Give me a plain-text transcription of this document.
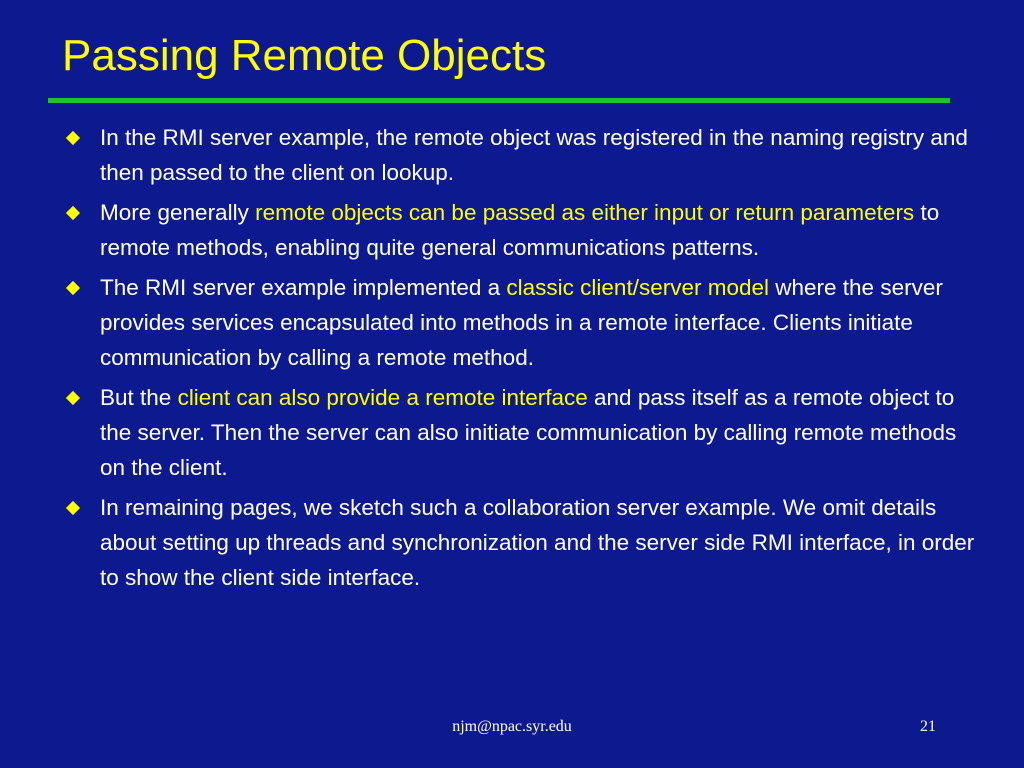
Passing Remote Objects
In the RMI server example, the remote object was registered in the naming registry and then passed to the client on lookup.
More generally remote objects can be passed as either input or return parameters to remote methods, enabling quite general communications patterns.
The RMI server example implemented a classic client/server model where the server provides services encapsulated into methods in a remote interface. Clients initiate communication by calling a remote method.
But the client can also provide a remote interface and pass itself as a remote object to the server. Then the server can also initiate communication by calling remote methods on the client.
In remaining pages, we sketch such a collaboration server example. We omit details about setting up threads and synchronization and the server side RMI interface, in order to show the client side interface.
njm@npac.syr.edu	21
